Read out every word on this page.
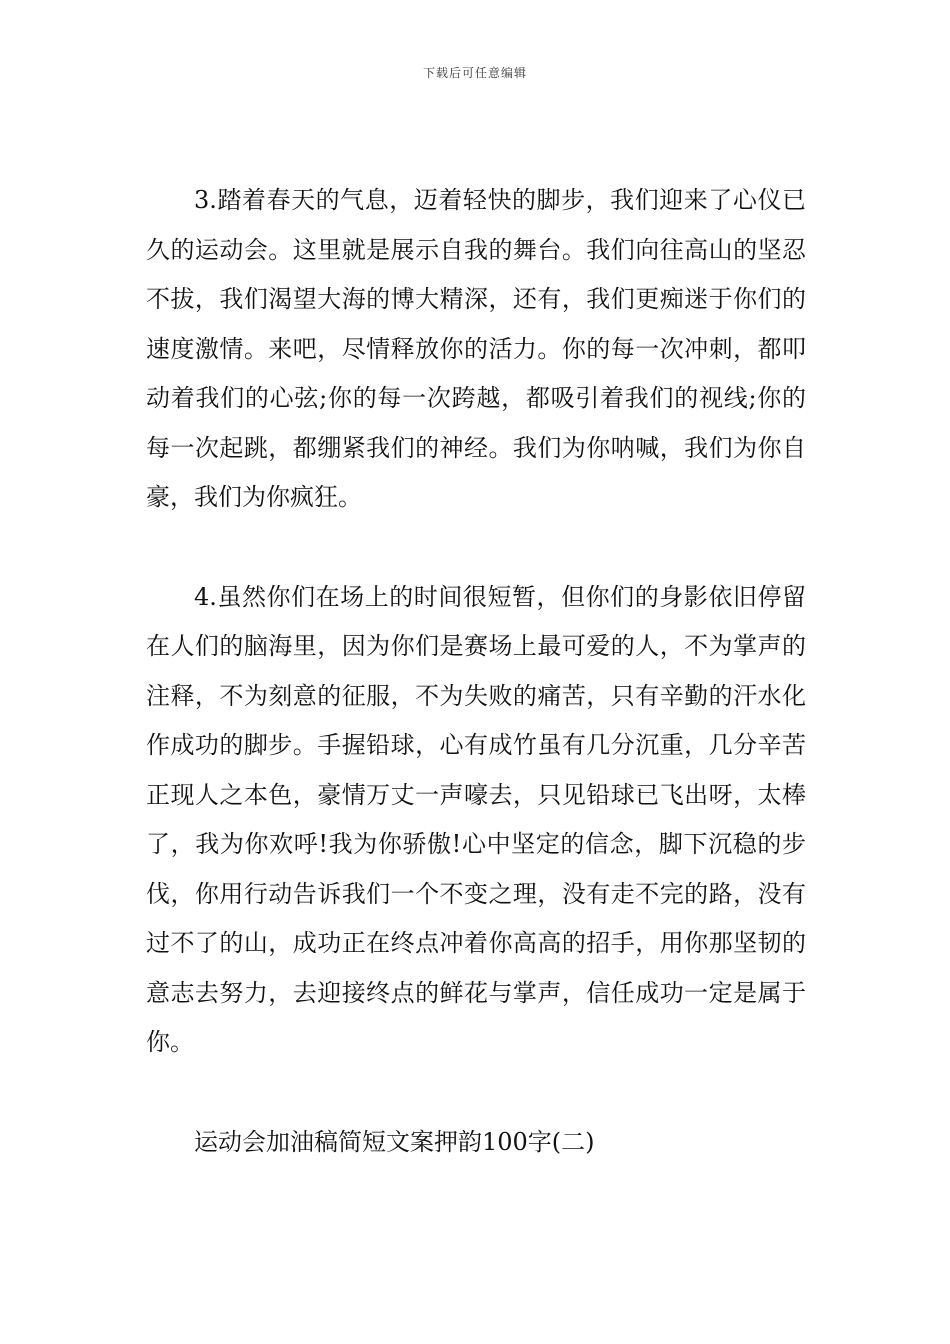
下载后可任意编辑

3.踏着春天的气息，迈着轻快的脚步，我们迎来了心仪已久的运动会。这里就是展示自我的舞台。我们向往高山的坚忍不拔，我们渴望大海的博大精深，还有，我们更痴迷于你们的速度激情。来吧，尽情释放你的活力。你的每一次冲刺，都叩动着我们的心弦;你的每一次跨越，都吸引着我们的视线;你的每一次起跳，都绷紧我们的神经。我们为你呐喊，我们为你自豪，我们为你疯狂。

4.虽然你们在场上的时间很短暂，但你们的身影依旧停留在人们的脑海里，因为你们是赛场上最可爱的人，不为掌声的注释，不为刻意的征服，不为失败的痛苦，只有辛勤的汗水化作成功的脚步。手握铅球，心有成竹虽有几分沉重，几分辛苦正现人之本色，豪情万丈一声嚎去，只见铅球已飞出呀，太棒了，我为你欢呼!我为你骄傲!心中坚定的信念，脚下沉稳的步伐，你用行动告诉我们一个不变之理，没有走不完的路，没有过不了的山，成功正在终点冲着你高高的招手，用你那坚韧的意志去努力，去迎接终点的鲜花与掌声，信任成功一定是属于你。

运动会加油稿简短文案押韵100字(二)
